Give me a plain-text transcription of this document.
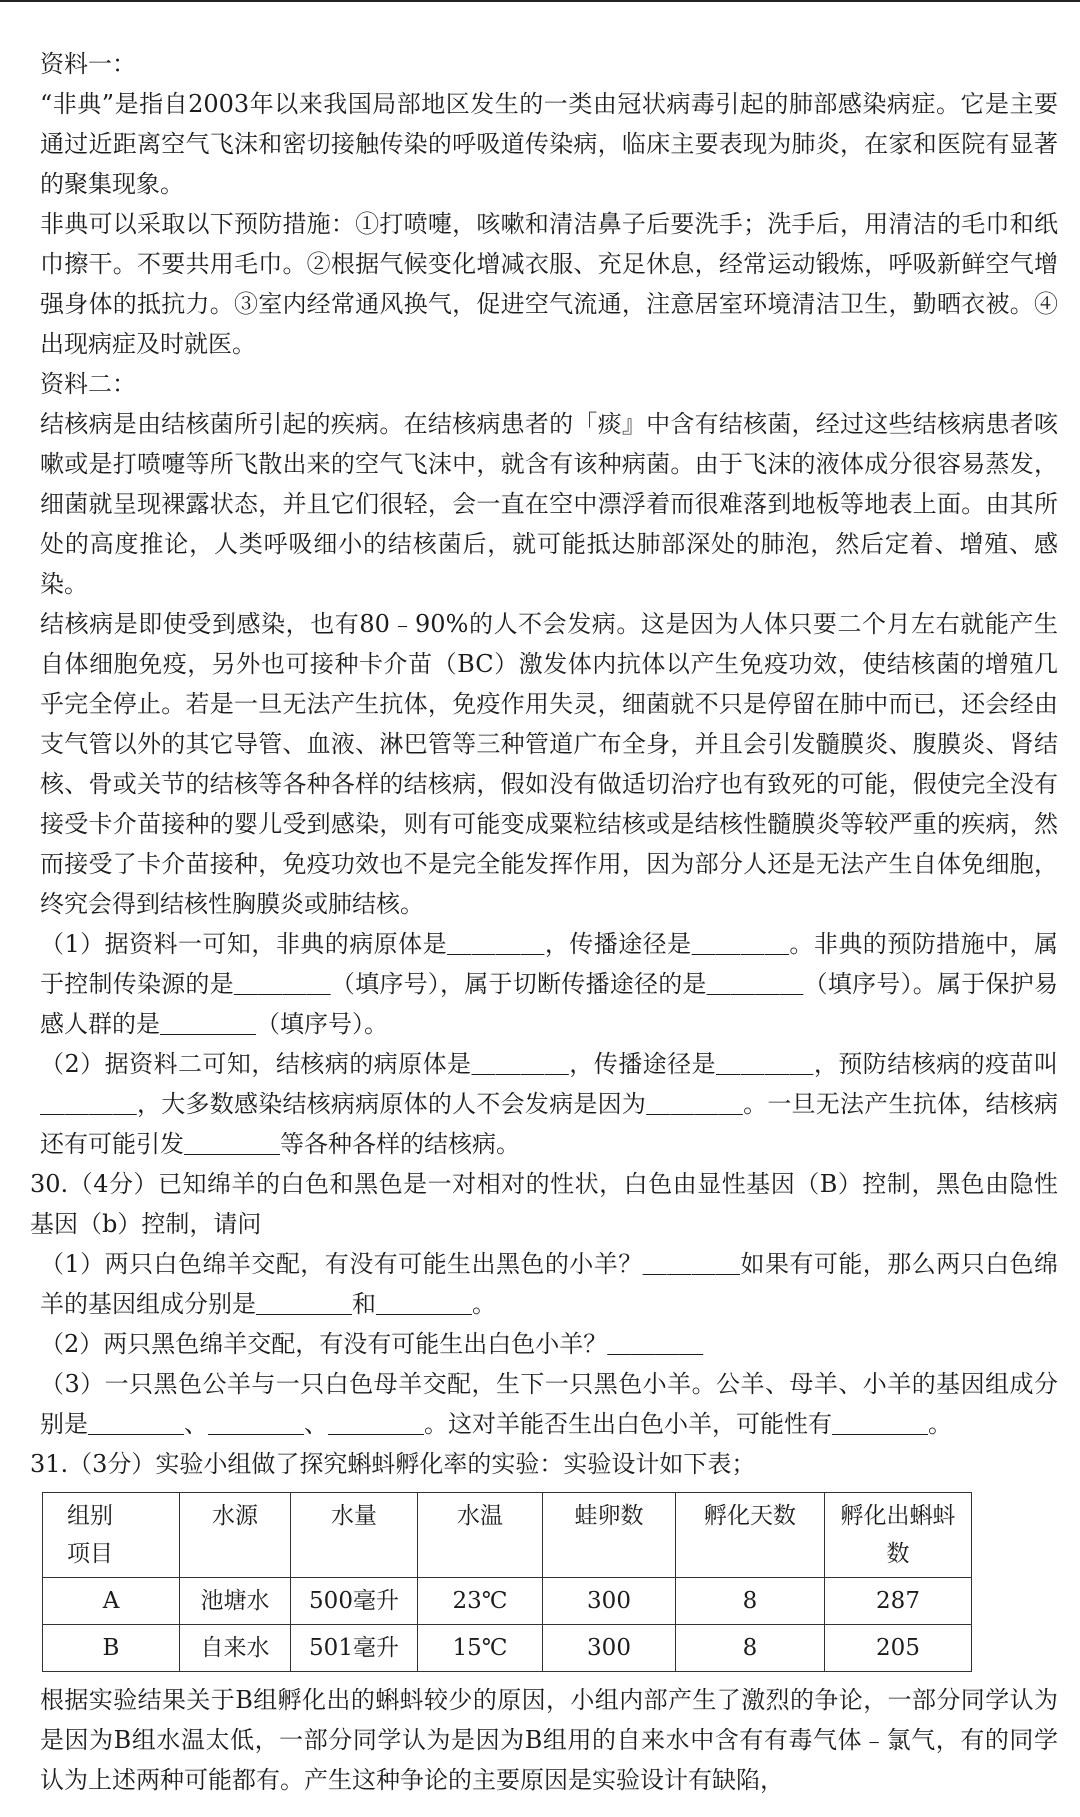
资料一：

“非典”是指自2003年以来我国局部地区发生的一类由冠状病毒引起的肺部感染病症。它是主要通过近距离空气飞沫和密切接触传染的呼吸道传染病，临床主要表现为肺炎，在家和医院有显著的聚集现象。

非典可以采取以下预防措施：①打喷嚏，咳嗽和清洁鼻子后要洗手；洗手后，用清洁的毛巾和纸巾擦干。不要共用毛巾。②根据气候变化增减衣服、充足休息，经常运动锻炼，呼吸新鲜空气增强身体的抵抗力。③室内经常通风换气，促进空气流通，注意居室环境清洁卫生，勤晒衣被。④出现病症及时就医。

资料二：

结核病是由结核菌所引起的疾病。在结核病患者的「痰』中含有结核菌，经过这些结核病患者咳嗽或是打喷嚏等所飞散出来的空气飞沫中，就含有该种病菌。由于飞沫的液体成分很容易蒸发，细菌就呈现裸露状态，并且它们很轻，会一直在空中漂浮着而很难落到地板等地表上面。由其所处的高度推论，人类呼吸细小的结核菌后，就可能抵达肺部深处的肺泡，然后定着、增殖、感染。

结核病是即使受到感染，也有80﹣90%的人不会发病。这是因为人体只要二个月左右就能产生自体细胞免疫，另外也可接种卡介苗（BC）激发体内抗体以产生免疫功效，使结核菌的增殖几乎完全停止。若是一旦无法产生抗体，免疫作用失灵，细菌就不只是停留在肺中而已，还会经由支气管以外的其它导管、血液、淋巴管等三种管道广布全身，并且会引发髓膜炎、腹膜炎、肾结核、骨或关节的结核等各种各样的结核病，假如没有做适切治疗也有致死的可能，假使完全没有接受卡介苗接种的婴儿受到感染，则有可能变成粟粒结核或是结核性髓膜炎等较严重的疾病，然而接受了卡介苗接种，免疫功效也不是完全能发挥作用，因为部分人还是无法产生自体免细胞，终究会得到结核性胸膜炎或肺结核。

（1）据资料一可知，非典的病原体是＿＿＿＿，传播途径是＿＿＿＿。非典的预防措施中，属于控制传染源的是＿＿＿＿（填序号），属于切断传播途径的是＿＿＿＿（填序号）。属于保护易感人群的是＿＿＿＿（填序号）。

（2）据资料二可知，结核病的病原体是＿＿＿＿，传播途径是＿＿＿＿，预防结核病的疫苗叫＿＿＿＿，大多数感染结核病病原体的人不会发病是因为＿＿＿＿。一旦无法产生抗体，结核病还有可能引发＿＿＿＿等各种各样的结核病。

30.（4分）已知绵羊的白色和黑色是一对相对的性状，白色由显性基因（B）控制，黑色由隐性基因（b）控制，请问

（1）两只白色绵羊交配，有没有可能生出黑色的小羊？＿＿＿＿如果有可能，那么两只白色绵羊的基因组成分别是＿＿＿＿和＿＿＿＿。

（2）两只黑色绵羊交配，有没有可能生出白色小羊？＿＿＿＿

（3）一只黑色公羊与一只白色母羊交配，生下一只黑色小羊。公羊、母羊、小羊的基因组成分别是＿＿＿＿、＿＿＿＿、＿＿＿＿。这对羊能否生出白色小羊，可能性有＿＿＿＿。

31.（3分）实验小组做了探究蝌蚪孵化率的实验：实验设计如下表；

组别
项目	水源	水量	水温	蛙卵数	孵化天数	孵化出蝌蚪数
A	池塘水	500毫升	23℃	300	8	287
B	自来水	501毫升	15℃	300	8	205

根据实验结果关于B组孵化出的蝌蚪较少的原因，小组内部产生了激烈的争论，一部分同学认为是因为B组水温太低，一部分同学认为是因为B组用的自来水中含有有毒气体﹣氯气，有的同学认为上述两种可能都有。产生这种争论的主要原因是实验设计有缺陷，
